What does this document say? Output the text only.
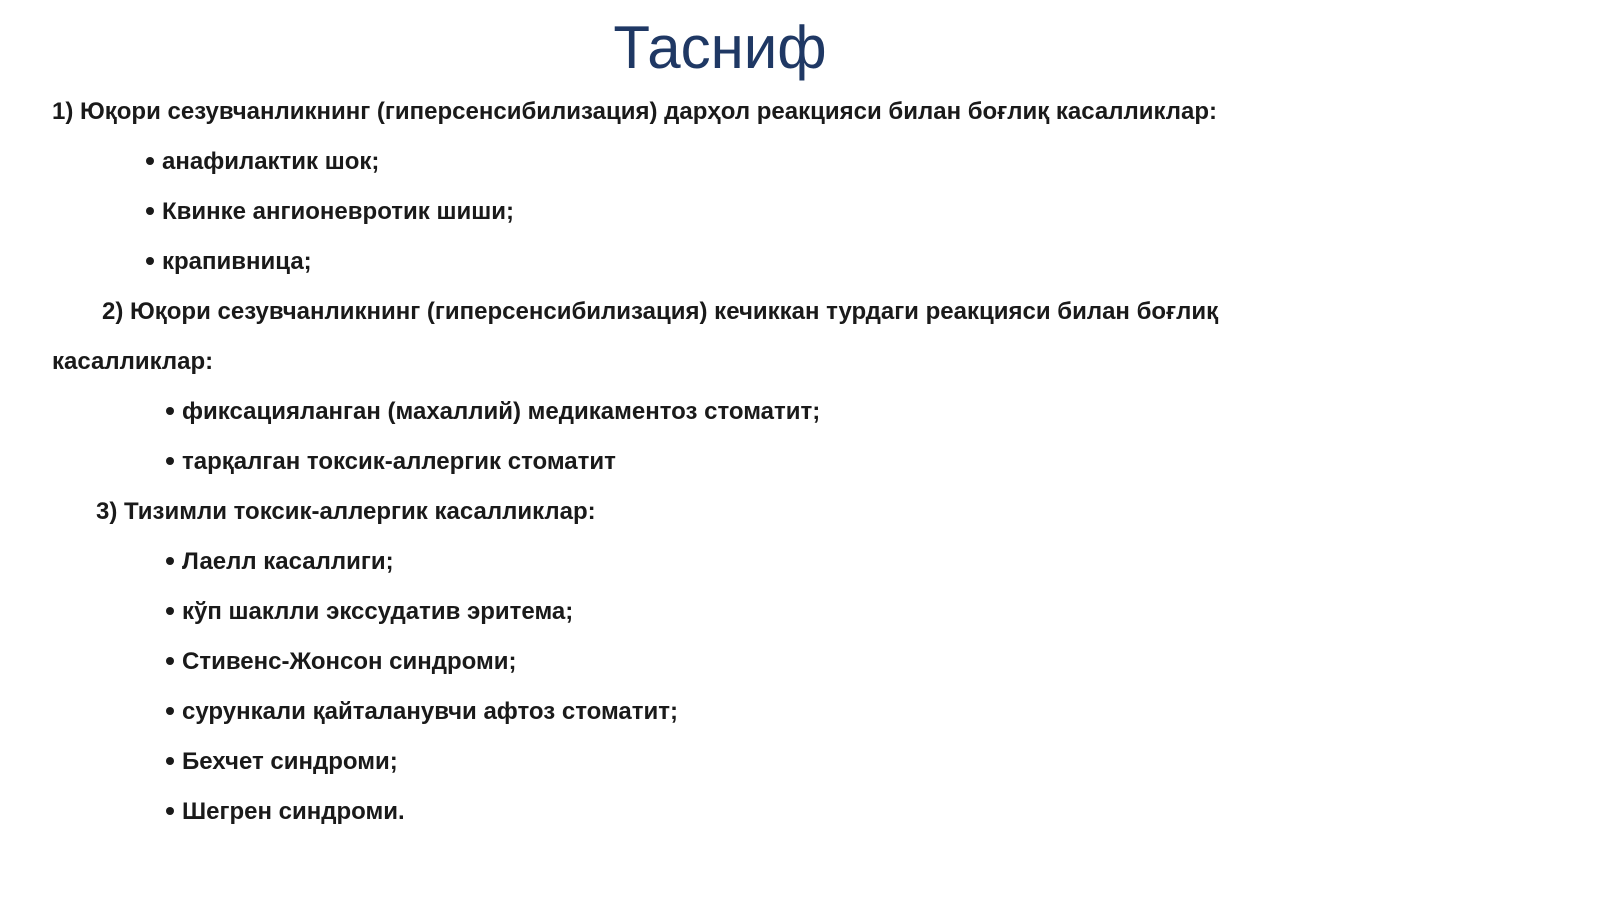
Тасниф
1) Юқори сезувчанликнинг (гиперсенсибилизация) дарҳол реакцияси билан боғлиқ касалликлар:
анафилактик шок;
Квинке ангионевротик шиши;
крапивница;
2) Юқори сезувчанликнинг (гиперсенсибилизация) кечиккан турдаги реакцияси билан боғлиқ
касалликлар:
фиксацияланган (махаллий) медикаментоз стоматит;
тарқалган токсик-аллергик стоматит
3) Тизимли токсик-аллергик касалликлар:
Лаелл касаллиги;
кўп шаклли экссудатив эритема;
Стивенс-Жонсон синдроми;
сурункали қайталанувчи афтоз стоматит;
Бехчет синдроми;
Шегрен синдроми.
